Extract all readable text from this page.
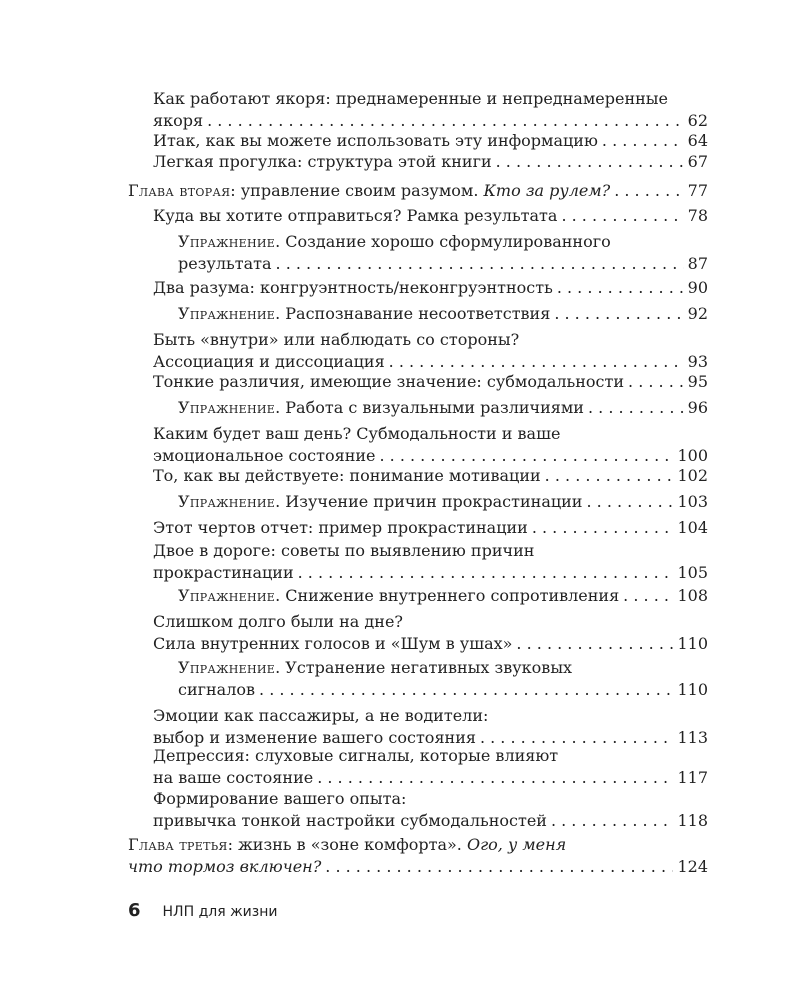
Как работают якоря: преднамеренные и непреднамеренные
якоря . . .	62
Итак, как вы можете использовать эту информацию . . .	64
Легкая прогулка: структура этой книги . . .	67
Глава вторая: управление своим разумом. Кто за рулем? . . .	77
Куда вы хотите отправиться? Рамка результата . . .	78
Упражнение. Создание хорошо сформулированного
результата . . .	87
Два разума: конгруэнтность/неконгруэнтность . . .	90
Упражнение. Распознавание несоответствия . . .	92
Быть «внутри» или наблюдать со стороны?
Ассоциация и диссоциация . . .	93
Тонкие различия, имеющие значение: субмодальности . . .	95
Упражнение. Работа с визуальными различиями . . .	96
Каким будет ваш день? Субмодальности и ваше
эмоциональное состояние . . .	100
То, как вы действуете: понимание мотивации . . .	102
Упражнение. Изучение причин прокрастинации . . .	103
Этот чертов отчет: пример прокрастинации . . .	104
Двое в дороге: советы по выявлению причин
прокрастинации . . .	105
Упражнение. Снижение внутреннего сопротивления . . .	108
Слишком долго были на дне?
Сила внутренних голосов и «Шум в ушах» . . .	110
Упражнение. Устранение негативных звуковых
сигналов . . .	110
Эмоции как пассажиры, а не водители:
выбор и изменение вашего состояния . . .	113
Депрессия: слуховые сигналы, которые влияют
на ваше состояние . . .	117
Формирование вашего опыта:
привычка тонкой настройки субмодальностей . . .	118
Глава третья: жизнь в «зоне комфорта». Ого, у меня
что тормоз включен? . . .	124
6 НЛП для жизни
